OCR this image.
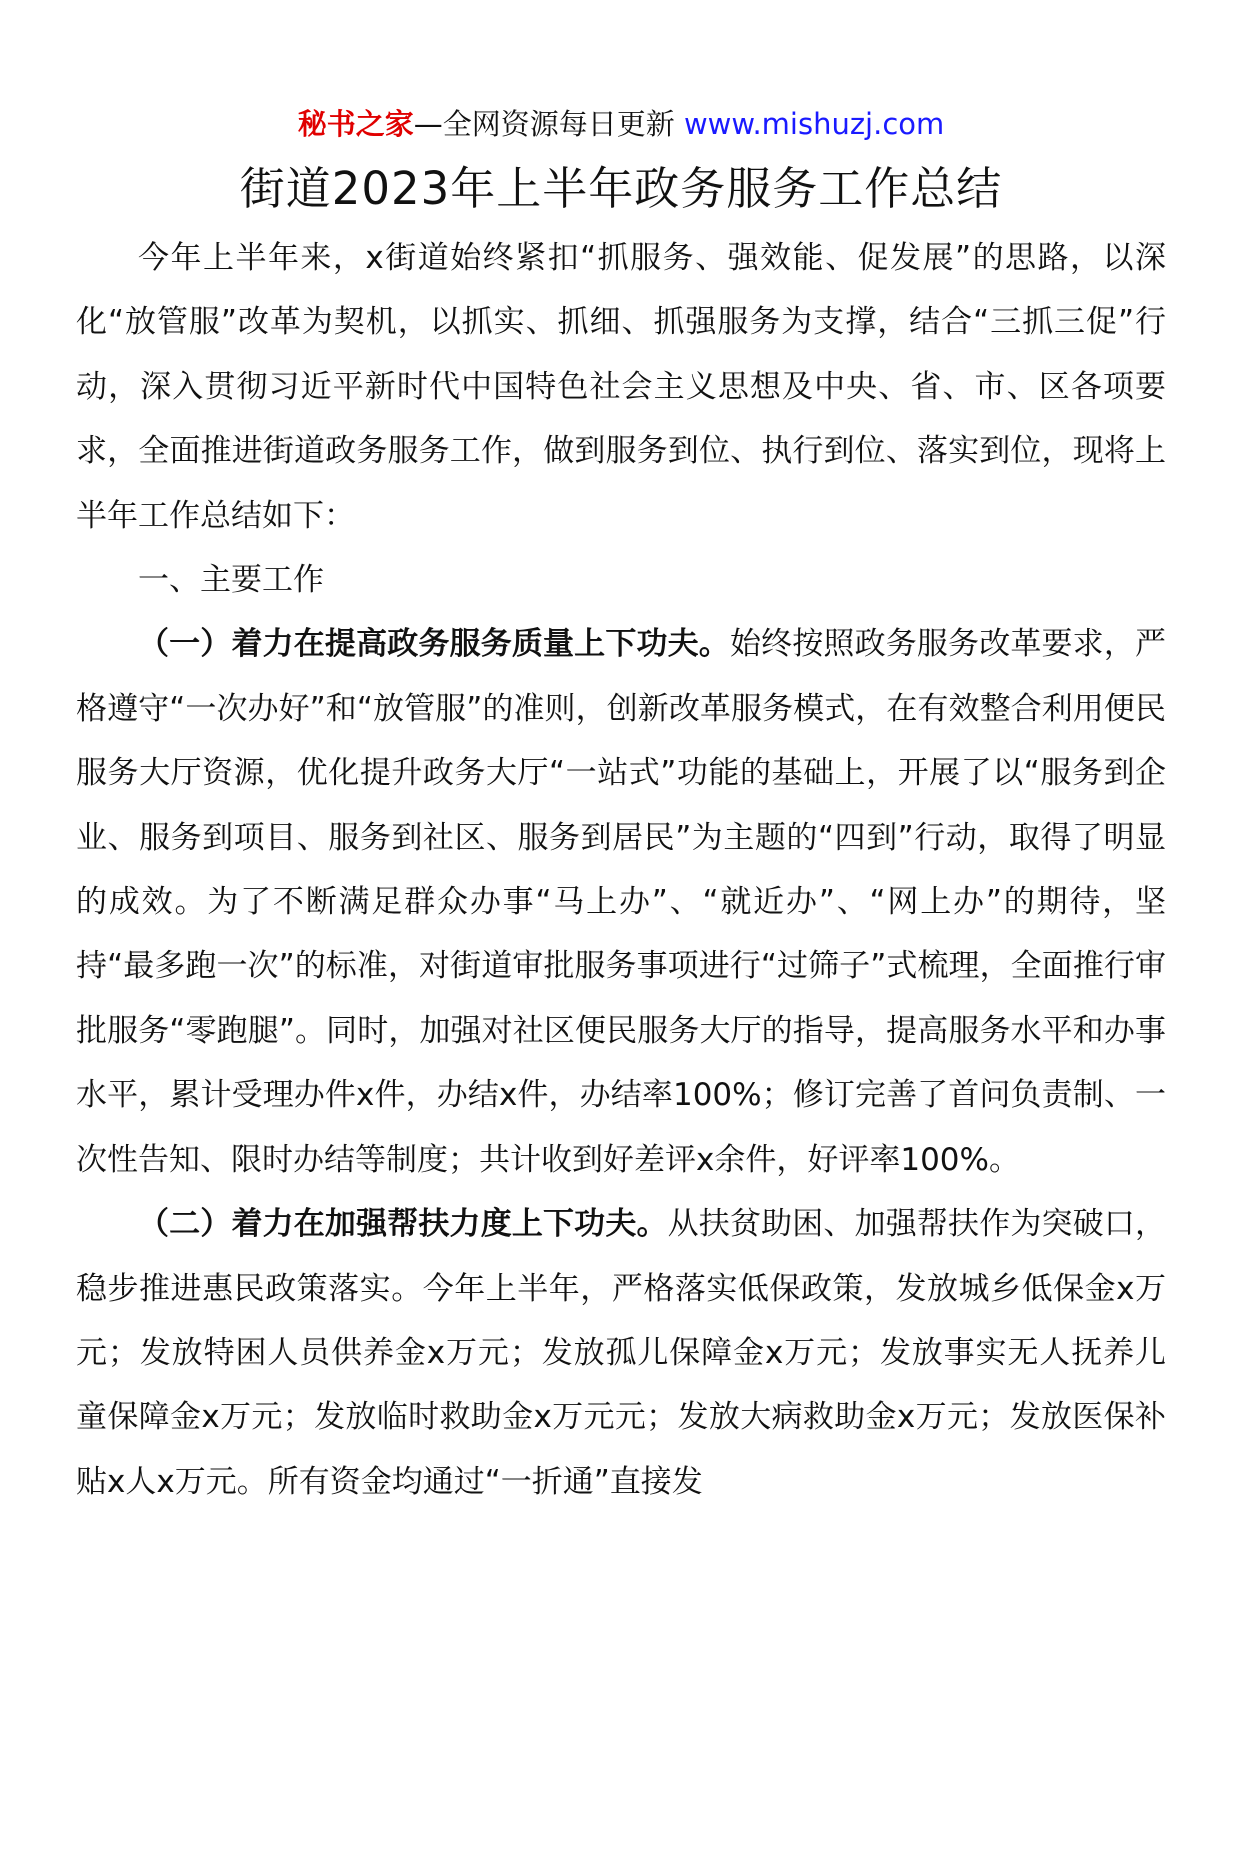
秘书之家—全网资源每日更新 www.mishuzj.com
街道2023年上半年政务服务工作总结

今年上半年来，x街道始终紧扣“抓服务、强效能、促发展”的思路，以深化“放管服”改革为契机，以抓实、抓细、抓强服务为支撑，结合“三抓三促”行动，深入贯彻习近平新时代中国特色社会主义思想及中央、省、市、区各项要求，全面推进街道政务服务工作，做到服务到位、执行到位、落实到位，现将上半年工作总结如下：

一、主要工作

（一）着力在提高政务服务质量上下功夫。始终按照政务服务改革要求，严格遵守“一次办好”和“放管服”的准则，创新改革服务模式，在有效整合利用便民服务大厅资源，优化提升政务大厅“一站式”功能的基础上，开展了以“服务到企业、服务到项目、服务到社区、服务到居民”为主题的“四到”行动，取得了明显的成效。为了不断满足群众办事“马上办”、“就近办”、“网上办”的期待，坚持“最多跑一次”的标准，对街道审批服务事项进行“过筛子”式梳理，全面推行审批服务“零跑腿”。同时，加强对社区便民服务大厅的指导，提高服务水平和办事水平，累计受理办件x件，办结x件，办结率100%；修订完善了首问负责制、一次性告知、限时办结等制度；共计收到好差评x余件，好评率100%。

（二）着力在加强帮扶力度上下功夫。从扶贫助困、加强帮扶作为突破口，稳步推进惠民政策落实。今年上半年，严格落实低保政策，发放城乡低保金x万元；发放特困人员供养金x万元；发放孤儿保障金x万元；发放事实无人抚养儿童保障金x万元；发放临时救助金x万元元；发放大病救助金x万元；发放医保补贴x人x万元。所有资金均通过“一折通”直接发
